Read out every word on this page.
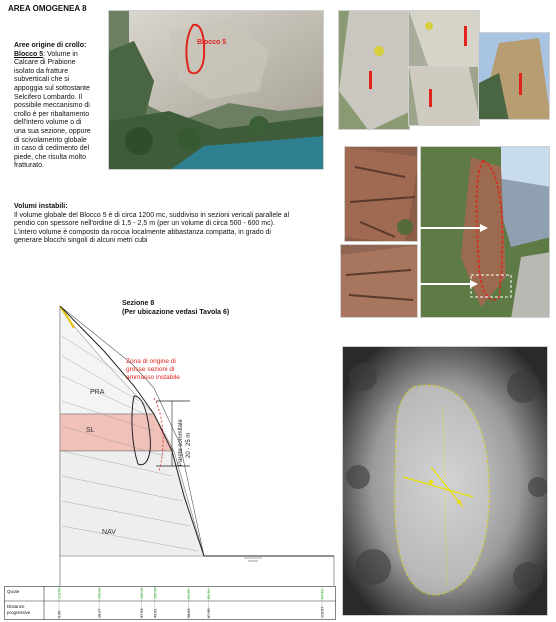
AREA OMOGENEA 8
Blocco 5
Aree origine di crollo:
Blocco 5: Volume in
Calcare di Prabione
isolato da fratture
subverticali che si
appoggia sul sottostante
Selcifero Lombardo. Il
possibile meccanismo di
crollo è per ribaltamento
dell'intero volume o di
una sua sezione, oppure
di scivolamento globale
in caso di cedimento del
piede, che risulta molto
fratturato.
Volumi instabili:
Il volume globale del Blocco 5 è di circa 1200 mc, suddiviso in sezioni vericali parallele al
pendio con spessore nell'ordine di 1,5 - 2,5 m (per un volume di circa 500 - 600 mc).
L'intero volume è composto da roccia localmente abbastanza compatta, in grado di
generare blocchi singoli di alcuni metri cubi
Sezione 8
(Per ubicazione vedasi Tavola 6)
PRA
SL
NAV
Zona di origine di
grosse sezioni di
ammasso instabile
Parete sommitale 20 - 25 m
119.00
0.00
103.91
18.27
100.31
37.53
100.96
43.61
94.28
58.83
85.26
67.96
64.63
119.67
Quote
Distanze
progressive
